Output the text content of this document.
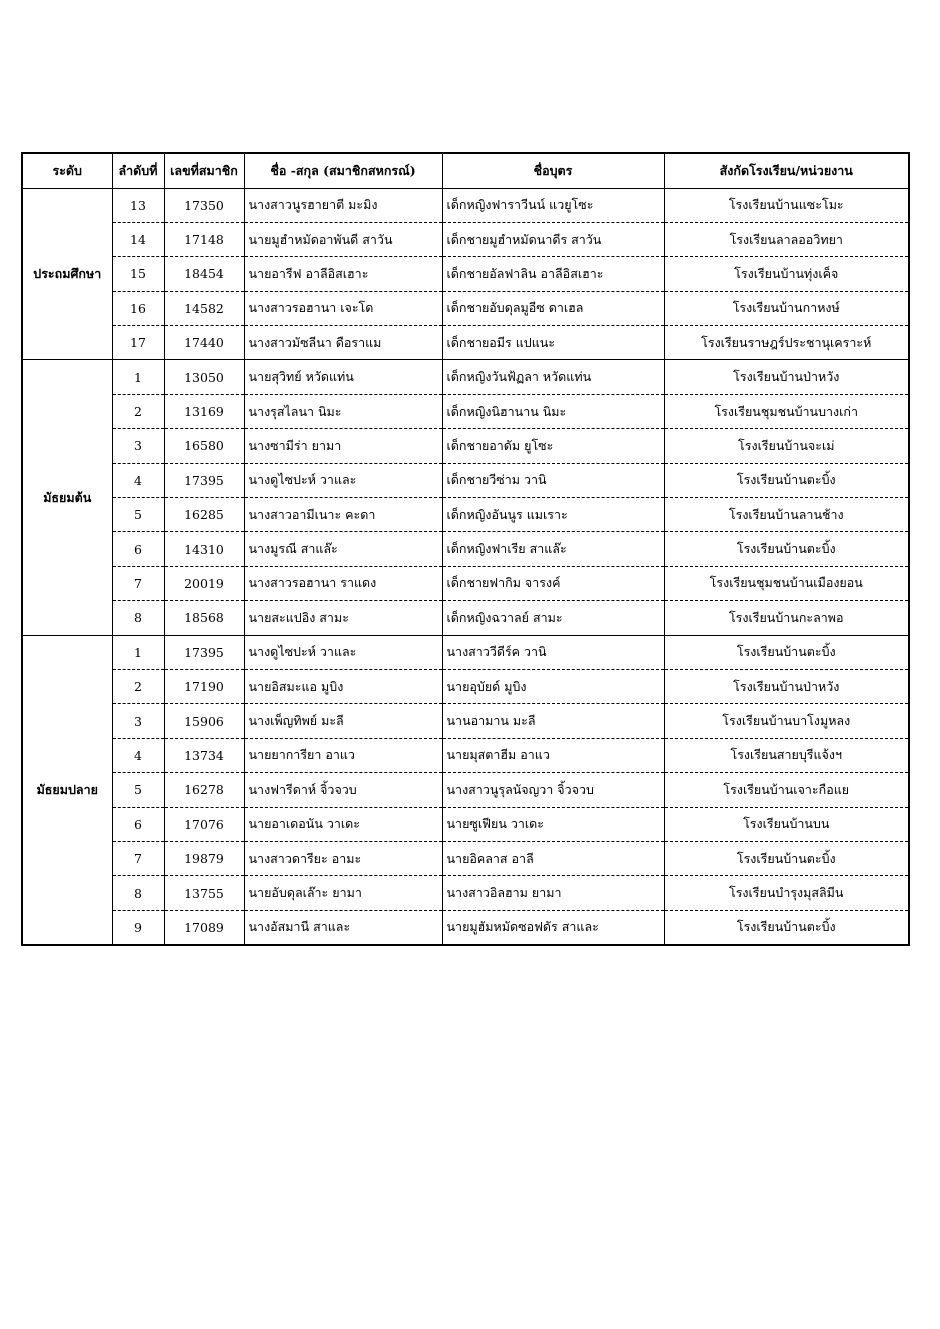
ระดับ	ลำดับที่	เลขที่สมาชิก	ชื่อ -สกุล (สมาชิกสหกรณ์)	ชื่อบุตร	สังกัดโรงเรียน/หน่วยงาน
ประถมศึกษา	13	17350	นางสาวนูรฮายาตี มะมิง	เด็กหญิงฟาราวีนน์ แวยูโซะ	โรงเรียนบ้านแซะโมะ
	14	17148	นายมูฮำหมัดอาพันดี สาวัน	เด็กชายมูฮำหมัดนาดีร สาวัน	โรงเรียนลาลออวิทยา
	15	18454	นายอารีฟ อาลีอิสเฮาะ	เด็กชายอัลฟาลิน อาลีอิสเฮาะ	โรงเรียนบ้านทุ่งเค็จ
	16	14582	นางสาวรอฮานา เจะโด	เด็กชายอับดุลมูอีซ ดาเฮล	โรงเรียนบ้านกาหงษ์
	17	17440	นางสาวมัซลีนา ดือราแม	เด็กชายอมีร แปแนะ	โรงเรียนราษฎร์ประชานุเคราะห์
มัธยมต้น	1	13050	นายสุวิทย์ หวัดแท่น	เด็กหญิงวันฟ้ฏลา หวัดแท่น	โรงเรียนบ้านป่าหวัง
	2	13169	นางรุสไลนา นิมะ	เด็กหญิงนิฮานาน นิมะ	โรงเรียนชุมชนบ้านบางเก่า
	3	16580	นางซามีร่า ยามา	เด็กชายอาดัม ยูโซะ	โรงเรียนบ้านจะเม่
	4	17395	นางดูไซปะห์ วาและ	เด็กชายวีซ่าม วานิ	โรงเรียนบ้านตะบิ้ง
	5	16285	นางสาวอามีเนาะ คะดา	เด็กหญิงอันนูร แมเราะ	โรงเรียนบ้านลานช้าง
	6	14310	นางมูรณี สาแล๊ะ	เด็กหญิงฟาเรีย สาแล๊ะ	โรงเรียนบ้านตะบิ้ง
	7	20019	นางสาวรอฮานา ราแดง	เด็กชายฟากิม จารงค์	โรงเรียนชุมชนบ้านเมืองยอน
	8	18568	นายสะแปอิง สามะ	เด็กหญิงฉวาลย์ สามะ	โรงเรียนบ้านกะลาพอ
มัธยมปลาย	1	17395	นางดูไซปะห์ วาและ	นางสาววีดีร์ค วานิ	โรงเรียนบ้านตะบิ้ง
	2	17190	นายอิสมะแอ มูบิง	นายอุบัยด์ มูบิง	โรงเรียนบ้านป่าหวัง
	3	15906	นางเพ็ญทิพย์ มะลี	นานอามาน มะลี	โรงเรียนบ้านบาโงมูหลง
	4	13734	นายยาการียา อาแว	นายมุสตาฮีม อาแว	โรงเรียนสายบุรีแจ้งฯ
	5	16278	นางฟารีดาห์ จิ้วจวบ	นางสาวนูรุลนัจญวา จิ้วจวบ	โรงเรียนบ้านเจาะกือแย
	6	17076	นายอาเดอนัน วาเดะ	นายซูเฟียน วาเดะ	โรงเรียนบ้านบน
	7	19879	นางสาวดารียะ อามะ	นายอิคลาส อาลี	โรงเรียนบ้านตะบิ้ง
	8	13755	นายอับดุลเล๊าะ ยามา	นางสาวอิลฮาม ยามา	โรงเรียนบำรุงมุสลิมีน
	9	17089	นางอัสมานี สาและ	นายมูฮัมหมัดซอฟดัร สาและ	โรงเรียนบ้านตะบิ้ง
